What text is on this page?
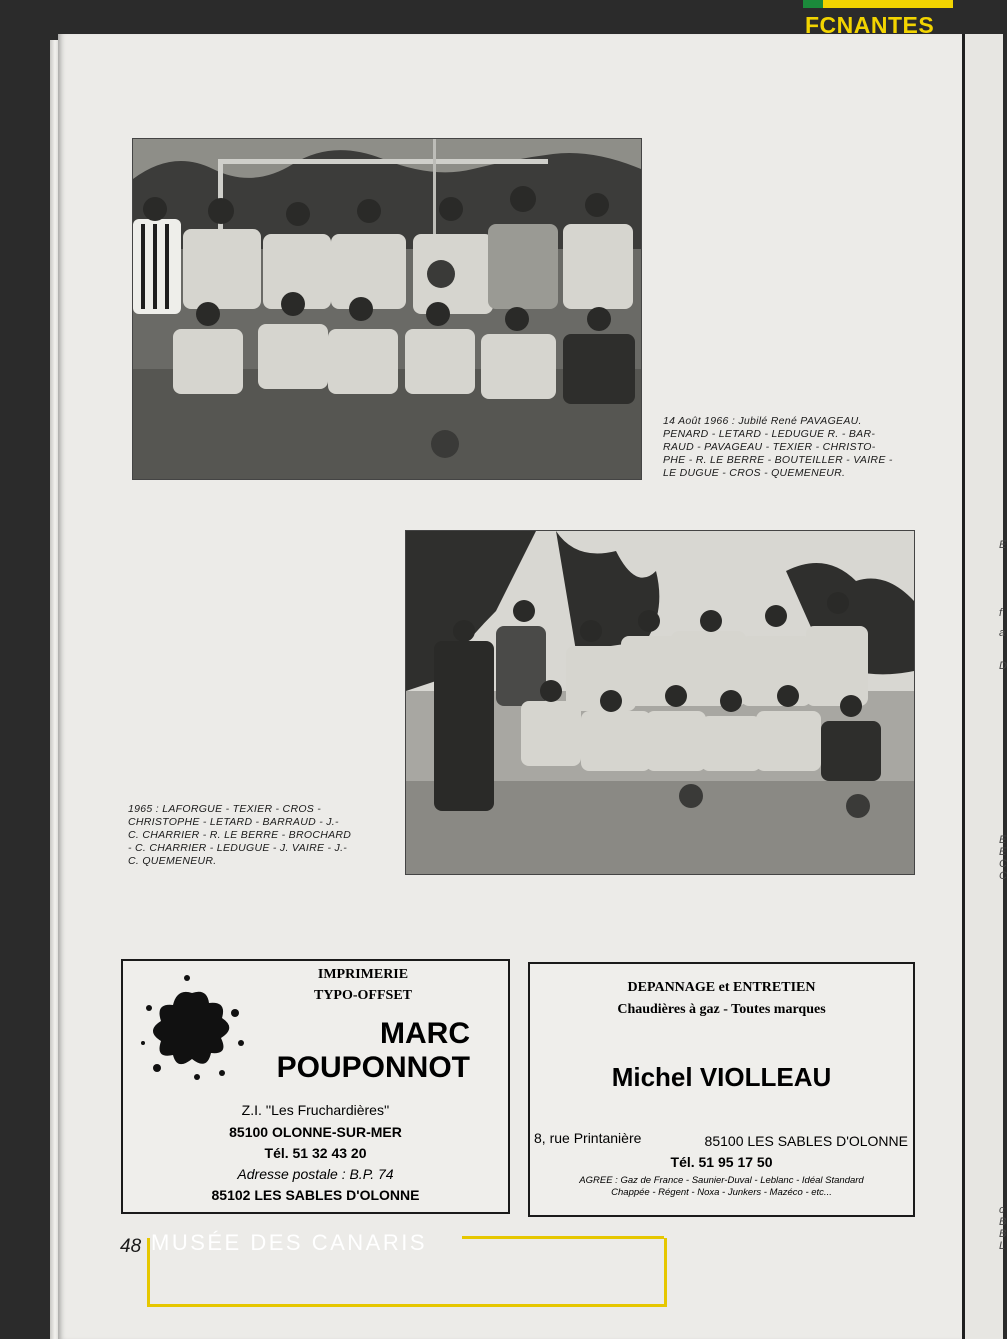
E
f
a
D
E
E
C
C
c
B
B
L
FCNANTES
14 Août 1966 : Jubilé René PAVAGEAU.
PENARD - LETARD - LEDUGUE R. - BAR-
RAUD - PAVAGEAU - TEXIER - CHRISTO-
PHE - R. LE BERRE - BOUTEILLER - VAIRE -
LE DUGUE - CROS - QUEMENEUR.
1965 : LAFORGUE - TEXIER - CROS -
CHRISTOPHE - LETARD - BARRAUD - J.-
C. CHARRIER - R. LE BERRE - BROCHARD
- C. CHARRIER - LEDUGUE - J. VAIRE - J.-
C. QUEMENEUR.
IMPRIMERIE
TYPO-OFFSET
MARC
POUPONNOT
Z.I. ''Les Fruchardières''
85100 OLONNE-SUR-MER
Tél. 51 32 43 20
Adresse postale : B.P. 74
85102 LES SABLES D'OLONNE
DEPANNAGE et ENTRETIEN
Chaudières à gaz - Toutes marques
Michel VIOLLEAU
8, rue Printanière	85100 LES SABLES D'OLONNE
Tél. 51 95 17 50
AGREE : Gaz de France - Saunier-Duval - Leblanc - Idéal Standard
Chappée - Régent - Noxa - Junkers - Mazéco - etc...
48 MUSÉE DES CANARIS
